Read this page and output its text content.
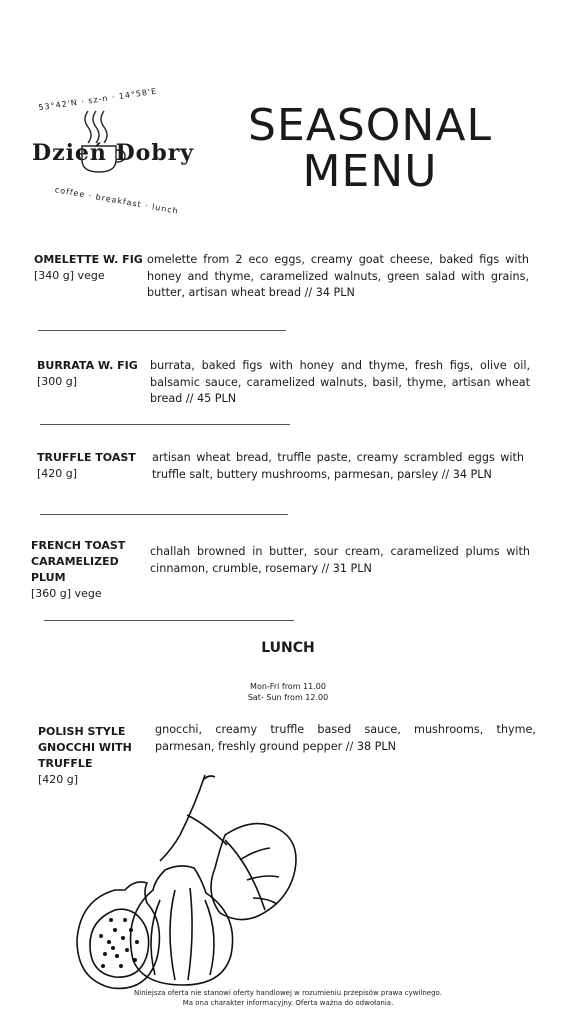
53°42'N · sz-n · 14°58'E
Dzień Dobry
coffee · breakfast · lunch
SEASONAL
MENU
OMELETTE W. FIG
[340 g] vege
omelette from 2 eco eggs, creamy goat cheese, baked figs with honey and thyme, caramelized walnuts, green salad with grains, butter, artisan wheat bread // 34 PLN
BURRATA W. FIG
[300 g]
burrata, baked figs with honey and thyme, fresh figs, olive oil, balsamic sauce, caramelized walnuts, basil, thyme, artisan wheat bread // 45 PLN
TRUFFLE TOAST
[420 g]
artisan wheat bread, truffle paste, creamy scrambled eggs with truffle salt, buttery mushrooms, parmesan, parsley // 34 PLN
FRENCH TOAST
CARAMELIZED
PLUM
[360 g] vege
challah browned in butter, sour cream, caramelized plums with cinnamon, crumble, rosemary // 31 PLN
LUNCH
Mon-Fri from 11.00
Sat- Sun from 12.00
POLISH STYLE
GNOCCHI WITH
TRUFFLE
[420 g]
gnocchi, creamy truffle based sauce, mushrooms, thyme, parmesan, freshly ground pepper // 38 PLN
Niniejsza oferta nie stanowi oferty handlowej w rozumieniu przepisów prawa cywilnego.
Ma ona charakter informacyjny. Oferta ważna do odwołania.
